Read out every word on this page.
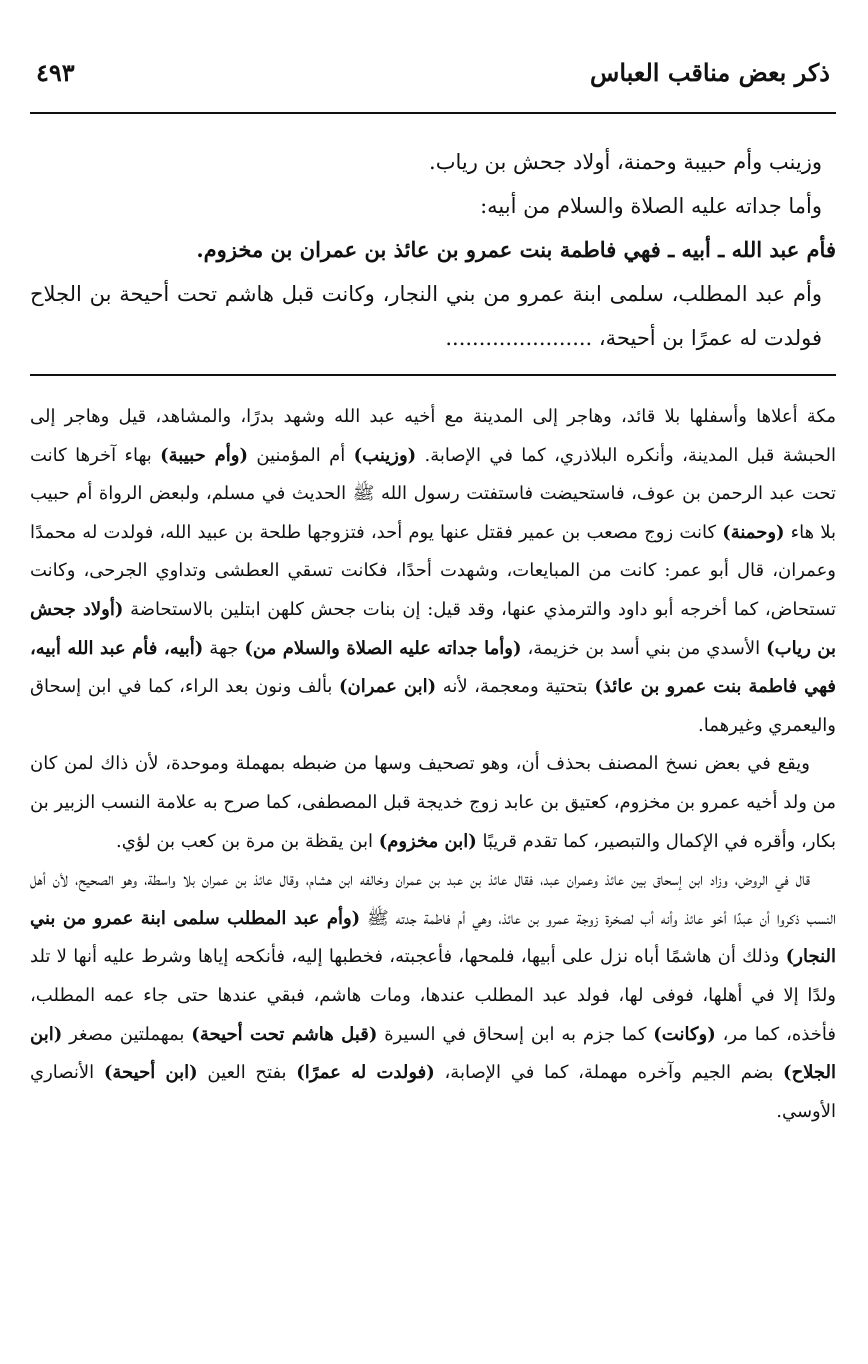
ذكر بعض مناقب العباس
٤٩٣

وزينب وأم حبيبة وحمنة، أولاد جحش بن رياب.

وأما جداته عليه الصلاة والسلام من أبيه:

فأم عبد الله ـ أبيه ـ فهي فاطمة بنت عمرو بن عائذ بن عمران بن مخزوم.

وأم عبد المطلب، سلمى ابنة عمرو من بني النجار، وكانت قبل هاشم تحت أحيحة بن الجلاح فولدت له عمرًا بن أحيحة، ......................

مكة أعلاها وأسفلها بلا قائد، وهاجر إلى المدينة مع أخيه عبد الله وشهد بدرًا، والمشاهد، قيل وهاجر إلى الحبشة قبل المدينة، وأنكره البلاذري، كما في الإصابة. (وزينب) أم المؤمنين (وأم حبيبة) بهاء آخرها كانت تحت عبد الرحمن بن عوف، فاستحيضت فاستفتت رسول الله ﷺ الحديث في مسلم، ولبعض الرواة أم حبيب بلا هاء (وحمنة) كانت زوج مصعب بن عمير فقتل عنها يوم أحد، فتزوجها طلحة بن عبيد الله، فولدت له محمدًا وعمران، قال أبو عمر: كانت من المبايعات، وشهدت أحدًا، فكانت تسقي العطشى وتداوي الجرحى، وكانت تستحاض، كما أخرجه أبو داود والترمذي عنها، وقد قيل: إن بنات جحش كلهن ابتلين بالاستحاضة (أولاد جحش بن رياب) الأسدي من بني أسد بن خزيمة، (وأما جداته عليه الصلاة والسلام من) جهة (أبيه، فأم عبد الله أبيه، فهي فاطمة بنت عمرو بن عائذ) بتحتية ومعجمة، لأنه (ابن عمران) بألف ونون بعد الراء، كما في ابن إسحاق واليعمري وغيرهما.

ويقع في بعض نسخ المصنف بحذف أن، وهو تصحيف وسها من ضبطه بمهملة وموحدة، لأن ذاك لمن كان من ولد أخيه عمرو بن مخزوم، كعتيق بن عابد زوج خديجة قبل المصطفى، كما صرح به علامة النسب الزبير بن بكار، وأقره في الإكمال والتبصير، كما تقدم قريبًا (ابن مخزوم) ابن يقظة بن مرة بن كعب بن لؤي.

قال في الروض، وزاد ابن إسحاق بين عائذ وعمران عبد، فقال عائذ بن عبد بن عمران وخالفه ابن هشام، وقال عائذ بن عمران بلا واسطة، وهو الصحيح، لأن أهل النسب ذكروا أن عبدًا أخو عائذ وأنه أب لصخرة زوجة عمرو بن عائذ، وهي أم فاطمة جدته ﷺ (وأم عبد المطلب سلمى ابنة عمرو من بني النجار) وذلك أن هاشمًا أباه نزل على أبيها، فلمحها، فأعجبته، فخطبها إليه، فأنكحه إياها وشرط عليه أنها لا تلد ولدًا إلا في أهلها، فوفى لها، فولد عبد المطلب عندها، ومات هاشم، فبقي عندها حتى جاء عمه المطلب، فأخذه، كما مر، (وكانت) كما جزم به ابن إسحاق في السيرة (قبل هاشم تحت أحيحة) بمهملتين مصغر (ابن الجلاح) بضم الجيم وآخره مهملة، كما في الإصابة، (فولدت له عمرًا) بفتح العين (ابن أحيحة) الأنصاري الأوسي.
